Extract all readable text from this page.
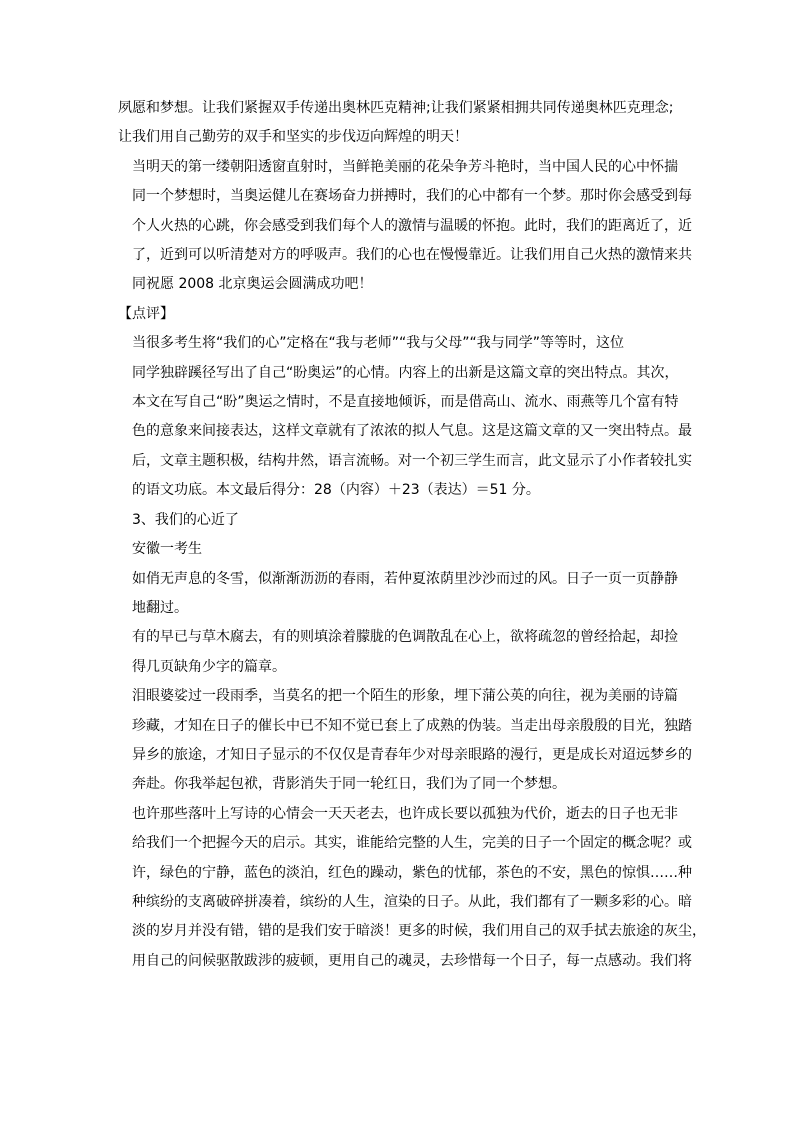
夙愿和梦想。让我们紧握双手传递出奥林匹克精神;让我们紧紧相拥共同传递奥林匹克理念;
让我们用自己勤劳的双手和坚实的步伐迈向辉煌的明天！

当明天的第一缕朝阳透窗直射时，当鲜艳美丽的花朵争芳斗艳时，当中国人民的心中怀揣
同一个梦想时，当奥运健儿在赛场奋力拼搏时，我们的心中都有一个梦。那时你会感受到每
个人火热的心跳，你会感受到我们每个人的激情与温暖的怀抱。此时，我们的距离近了，近
了，近到可以听清楚对方的呼吸声。我们的心也在慢慢靠近。让我们用自己火热的激情来共
同祝愿 2008 北京奥运会圆满成功吧！

【点评】

当很多考生将“我们的心”定格在“我与老师”“我与父母”“我与同学”等等时，这位
同学独辟蹊径写出了自己“盼奥运”的心情。内容上的出新是这篇文章的突出特点。其次，
本文在写自己“盼”奥运之情时，不是直接地倾诉，而是借高山、流水、雨燕等几个富有特
色的意象来间接表达，这样文章就有了浓浓的拟人气息。这是这篇文章的又一突出特点。最
后，文章主题积极，结构井然，语言流畅。对一个初三学生而言，此文显示了小作者较扎实
的语文功底。本文最后得分：28（内容）＋23（表达）＝51 分。

3、我们的心近了

安徽一考生

如俏无声息的冬雪，似渐渐沥沥的春雨，若仲夏浓荫里沙沙而过的风。日子一页一页静静
地翻过。

有的早已与草木腐去，有的则填涂着朦胧的色调散乱在心上，欲将疏忽的曾经拾起，却捡
得几页缺角少字的篇章。

泪眼婆娑过一段雨季，当莫名的把一个陌生的形象，埋下蒲公英的向往，视为美丽的诗篇
珍藏，才知在日子的催长中已不知不觉已套上了成熟的伪装。当走出母亲殷殷的目光，独踏
异乡的旅途，才知日子显示的不仅仅是青春年少对母亲眼路的漫行，更是成长对迢远梦乡的
奔赴。你我举起包袱，背影消失于同一轮红日，我们为了同一个梦想。

也许那些落叶上写诗的心情会一天天老去，也许成长要以孤独为代价，逝去的日子也无非
给我们一个把握今天的启示。其实，谁能给完整的人生，完美的日子一个固定的概念呢？或
许，绿色的宁静，蓝色的淡泊，红色的躁动，紫色的忧郁，茶色的不安，黑色的惊惧……种
种缤纷的支离破碎拼凑着，缤纷的人生，渲染的日子。从此，我们都有了一颗多彩的心。暗
淡的岁月并没有错，错的是我们安于暗淡！更多的时候，我们用自己的双手拭去旅途的灰尘，
用自己的问候驱散跋涉的疲顿，更用自己的魂灵，去珍惜每一个日子，每一点感动。我们将
